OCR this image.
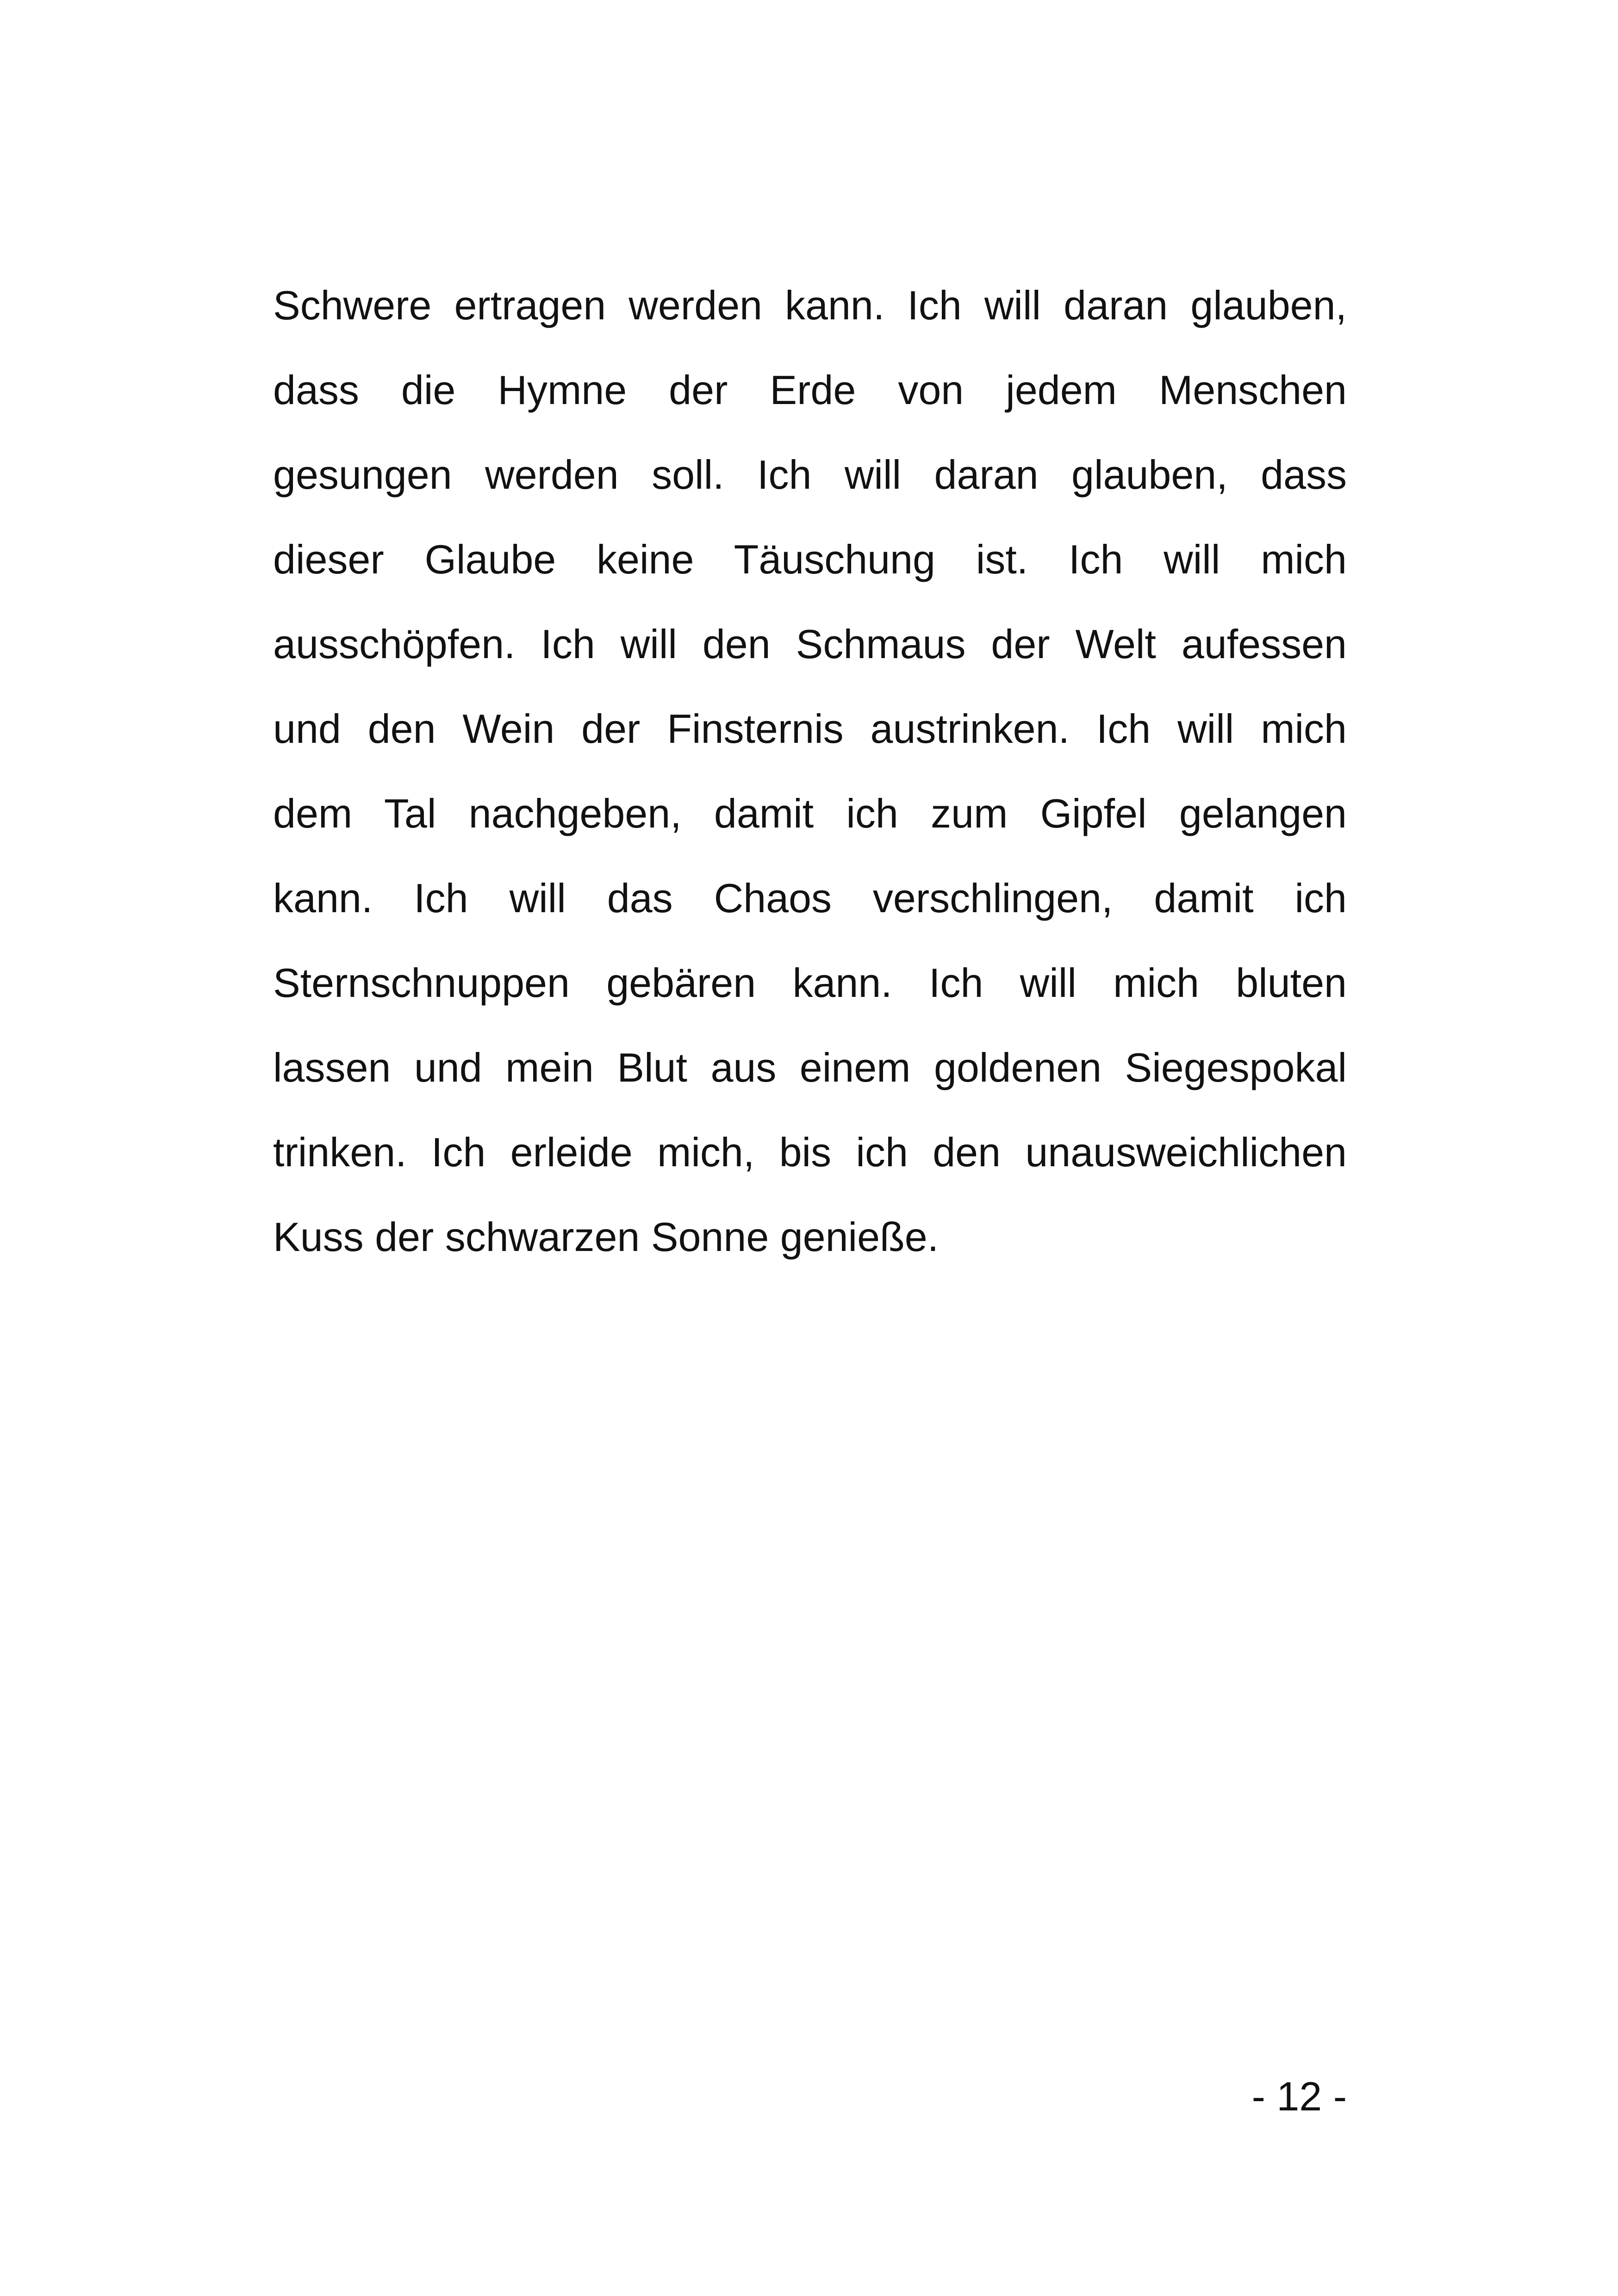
Schwere ertragen werden kann. Ich will daran glauben,
dass die Hymne der Erde von jedem Menschen
gesungen werden soll. Ich will daran glauben, dass
dieser Glaube keine Täuschung ist. Ich will mich
ausschöpfen. Ich will den Schmaus der Welt aufessen
und den Wein der Finsternis austrinken. Ich will mich
dem Tal nachgeben, damit ich zum Gipfel gelangen
kann. Ich will das Chaos verschlingen, damit ich
Sternschnuppen gebären kann. Ich will mich bluten
lassen und mein Blut aus einem goldenen Siegespokal
trinken. Ich erleide mich, bis ich den unausweichlichen
Kuss der schwarzen Sonne genieße.
- 12 -
